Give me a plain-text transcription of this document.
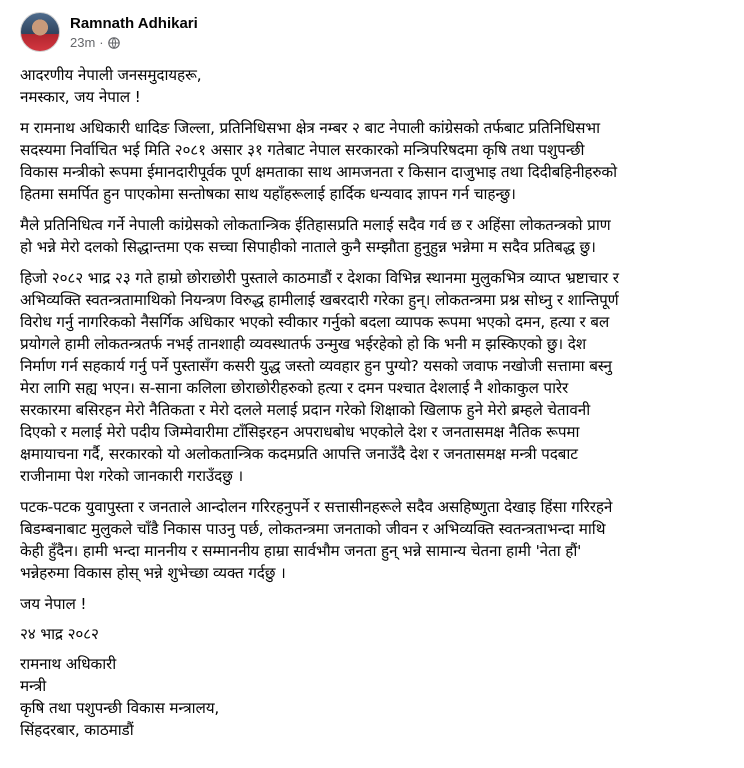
Ramnath Adhikari
23m ·
आदरणीय नेपाली जनसमुदायहरू,
नमस्कार, जय नेपाल !
म रामनाथ अधिकारी धादिङ जिल्ला, प्रतिनिधिसभा क्षेत्र नम्बर २ बाट नेपाली कांग्रेसको तर्फबाट प्रतिनिधिसभा
सदस्यमा निर्वाचित भई मिति २०८१ असार ३१ गतेबाट नेपाल सरकारको मन्त्रिपरिषदमा कृषि तथा पशुपन्छी
विकास मन्त्रीको रूपमा ईमानदारीपूर्वक पूर्ण क्षमताका साथ आमजनता र किसान दाजुभाइ तथा दिदीबहिनीहरुको
हितमा समर्पित हुन पाएकोमा सन्तोषका साथ यहाँहरूलाई हार्दिक धन्यवाद ज्ञापन गर्न चाहन्छु।
मैले प्रतिनिधित्व गर्ने नेपाली कांग्रेसको लोकतान्त्रिक ईतिहासप्रति मलाई सदैव गर्व छ र अहिंसा लोकतन्त्रको प्राण
हो भन्ने मेरो दलको सिद्धान्तमा एक सच्चा सिपाहीको नाताले कुनै सम्झौता हुनुहुन्न भन्नेमा म सदैव प्रतिबद्ध छु।
हिजो २०८२ भाद्र २३ गते हाम्रो छोराछोरी पुस्ताले काठमाडौं र देशका विभिन्न स्थानमा मुलुकभित्र व्याप्त भ्रष्टाचार र
अभिव्यक्ति स्वतन्त्रतामाथिको नियन्त्रण विरुद्ध हामीलाई खबरदारी गरेका हुन्। लोकतन्त्रमा प्रश्न सोध्नु र शान्तिपूर्ण
विरोध गर्नु नागरिकको नैसर्गिक अधिकार भएको स्वीकार गर्नुको बदला व्यापक रूपमा भएको दमन, हत्या र बल
प्रयोगले हामी लोकतन्त्रतर्फ नभई तानशाही व्यवस्थातर्फ उन्मुख भईरहेको हो कि भनी म झस्किएको छु। देश
निर्माण गर्न सहकार्य गर्नु पर्ने पुस्तासँग कसरी युद्ध जस्तो व्यवहार हुन पुग्यो? यसको जवाफ नखोजी सत्तामा बस्नु
मेरा लागि सह्य भएन। स-साना कलिला छोराछोरीहरुको हत्या र दमन पश्चात देशलाई नै शोकाकुल पारेर
सरकारमा बसिरहन मेरो नैतिकता र मेरो दलले मलाई प्रदान गरेको शिक्षाको खिलाफ हुने मेरो ब्रम्हले चेतावनी
दिएको र मलाई मेरो पदीय जिम्मेवारीमा टाँसिइरहन अपराधबोध भएकोले देश र जनतासमक्ष नैतिक रूपमा
क्षमायाचना गर्दै, सरकारको यो अलोकतान्त्रिक कदमप्रति आपत्ति जनाउँदै देश र जनतासमक्ष मन्त्री पदबाट
राजीनामा पेश गरेको जानकारी गराउँदछु ।
पटक-पटक युवापुस्ता र जनताले आन्दोलन गरिरहनुपर्ने र सत्तासीनहरूले सदैव असहिष्णुता देखाइ हिंसा गरिरहने
बिडम्बनाबाट मुलुकले चाँडै निकास पाउनु पर्छ, लोकतन्त्रमा जनताको जीवन र अभिव्यक्ति स्वतन्त्रताभन्दा माथि
केही हुँदैन। हामी भन्दा माननीय र सम्माननीय हाम्रा सार्वभौम जनता हुन् भन्ने सामान्य चेतना हामी 'नेता हौं'
भन्नेहरुमा विकास होस् भन्ने शुभेच्छा व्यक्त गर्दछु ।
जय नेपाल !
२४ भाद्र २०८२
रामनाथ अधिकारी
मन्त्री
कृषि तथा पशुपन्छी विकास मन्त्रालय,
सिंहदरबार, काठमाडौं
